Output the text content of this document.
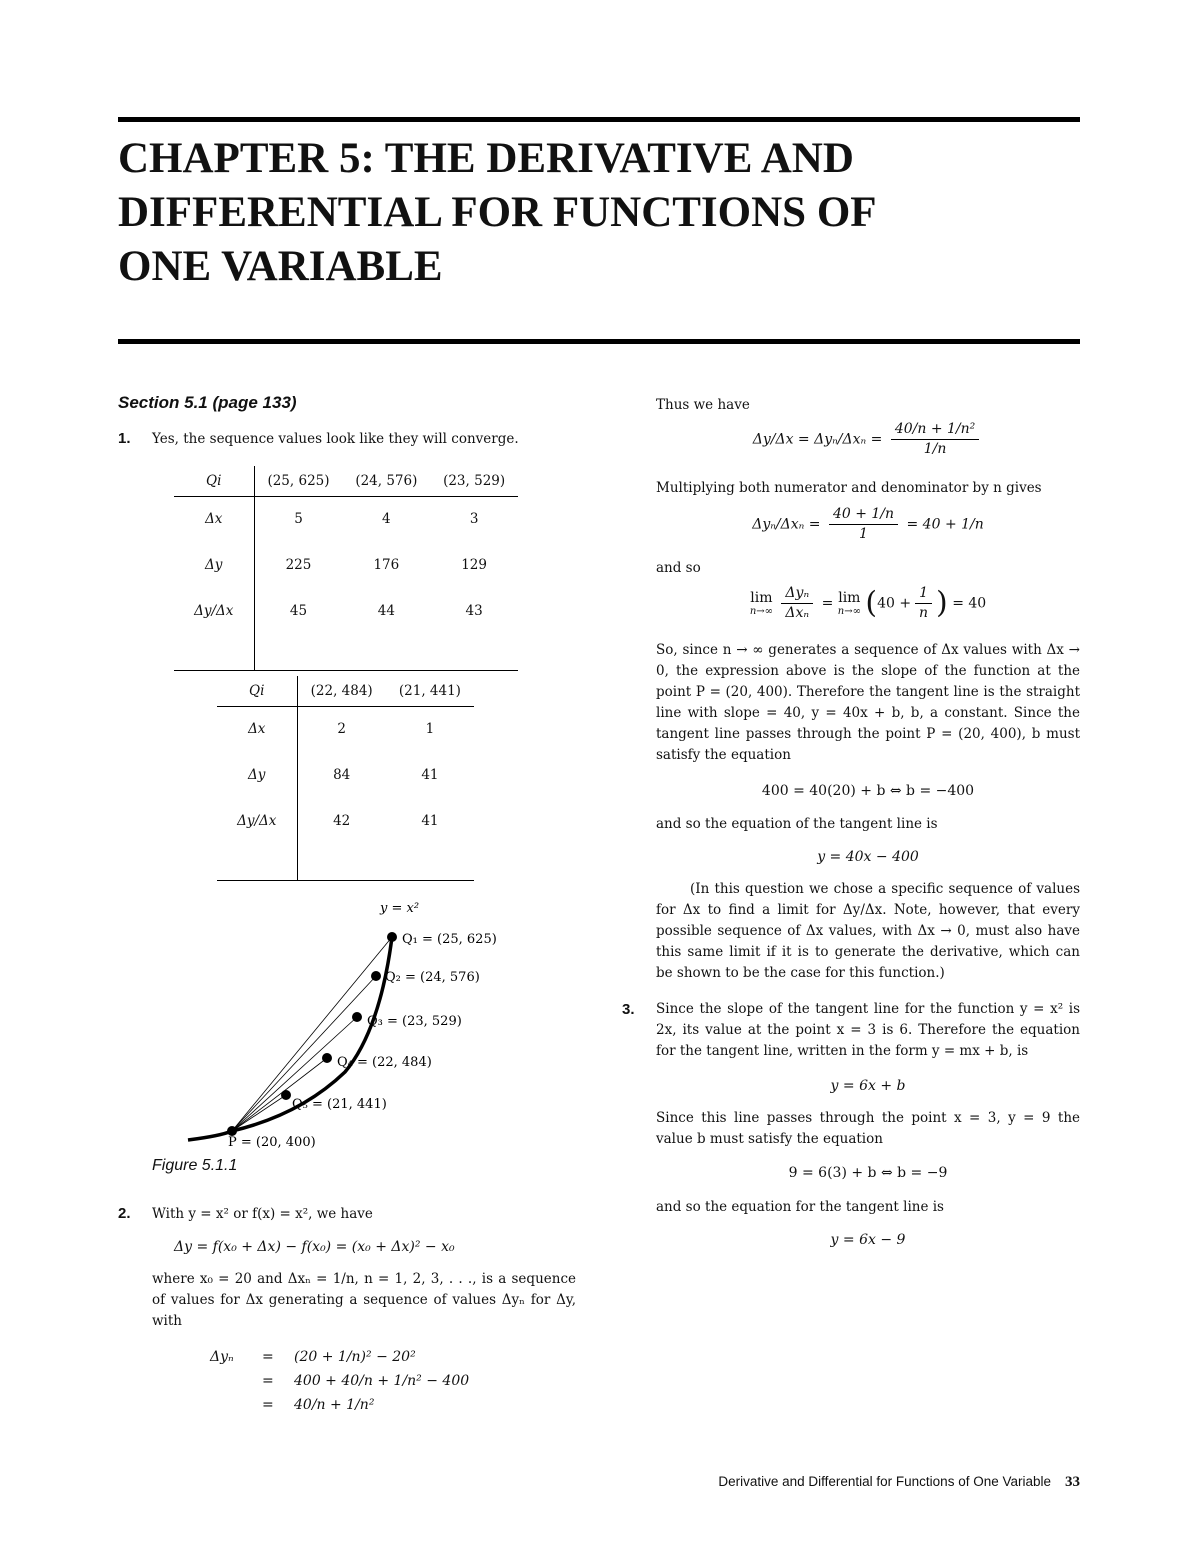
CHAPTER 5: THE DERIVATIVE AND
DIFFERENTIAL FOR FUNCTIONS OF
ONE VARIABLE
Section 5.1 (page 133)
1. Yes, the sequence values look like they will converge.
Qi	(25, 625)	(24, 576)	(23, 529)
Δx	5	4	3
Δy	225	176	129
Δy/Δx	45	44	43

Qi	(22, 484)	(21, 441)
Δx	2	1
Δy	84	41
Δy/Δx	42	41

y = x²
Q₁ = (25, 625)
Q₂ = (24, 576)
Q₃ = (23, 529)
Q₄ = (22, 484)
Q₅ = (21, 441)
P = (20, 400)
Figure 5.1.1
2. With y = x² or f(x) = x², we have
Δy = f(x₀ + Δx) − f(x₀) = (x₀ + Δx)² − x₀
where x₀ = 20 and Δxₙ = 1/n, n = 1, 2, 3, . . ., is a sequence of values for Δx generating a sequence of values Δyₙ for Δy, with
Δyₙ = (20 + 1/n)² − 20²
= 400 + 40/n + 1/n² − 400
= 40/n + 1/n²
Thus we have
$\Delta y/\Delta x = \Delta y_n/\Delta x_n = \frac{\text{40/n + 1/n²}}{1/n}$
Multiplying both numerator and denominator by n gives
$\Delta y_n/\Delta x_n = \frac{40 + 1/n}{1} = 40 + 1/n$
and so
lim
n→∞
$\frac{\text{Δyₙ}}{\text{Δxₙ}} = \lim$
n→∞ ($40 + \frac{1}{n}$ ) = 40
So, since n → ∞ generates a sequence of Δx values with Δx → 0, the expression above is the slope of the function at the point P = (20, 400). Therefore the tangent line is the straight line with slope = 40, y = 40x + b, b, a constant. Since the tangent line passes through the point P = (20, 400), b must satisfy the equation
400 = 40(20) + b ⇔ b = −400
and so the equation of the tangent line is
y = 40x − 400
(In this question we chose a specific sequence of values for Δx to find a limit for Δy/Δx. Note, however, that every possible sequence of Δx values, with Δx → 0, must also have this same limit if it is to generate the derivative, which can be shown to be the case for this function.)
3.	Since the slope of the tangent line for the function y = x² is 2x, its value at the point x = 3 is 6. Therefore the equation for the tangent line, written in the form y = mx + b, is
y = 6x + b
Since this line passes through the point x = 3, y = 9 the value b must satisfy the equation
9 = 6(3) + b ⇔ b = −9
and so the equation for the tangent line is
y = 6x − 9
Derivative and Differential for Functions of One Variable 33
